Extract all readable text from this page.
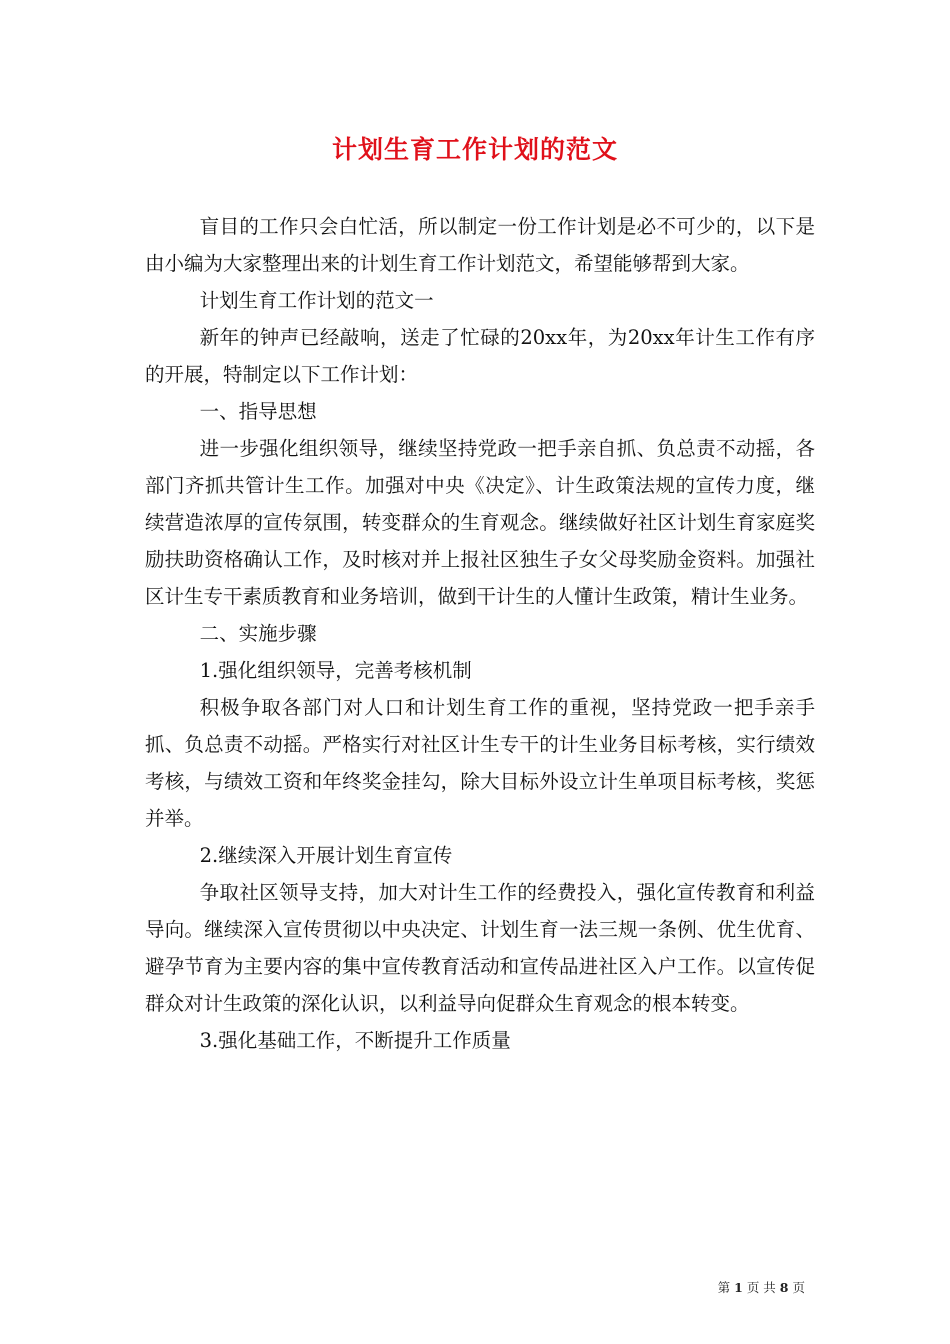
计划生育工作计划的范文

盲目的工作只会白忙活，所以制定一份工作计划是必不可少的，以下是由小编为大家整理出来的计划生育工作计划范文，希望能够帮到大家。

计划生育工作计划的范文一

新年的钟声已经敲响，送走了忙碌的20xx年，为20xx年计生工作有序的开展，特制定以下工作计划：

一、指导思想

进一步强化组织领导，继续坚持党政一把手亲自抓、负总责不动摇，各部门齐抓共管计生工作。加强对中央《决定》、计生政策法规的宣传力度，继续营造浓厚的宣传氛围，转变群众的生育观念。继续做好社区计划生育家庭奖励扶助资格确认工作，及时核对并上报社区独生子女父母奖励金资料。加强社区计生专干素质教育和业务培训，做到干计生的人懂计生政策，精计生业务。

二、实施步骤

1.强化组织领导，完善考核机制

积极争取各部门对人口和计划生育工作的重视，坚持党政一把手亲手抓、负总责不动摇。严格实行对社区计生专干的计生业务目标考核，实行绩效考核，与绩效工资和年终奖金挂勾，除大目标外设立计生单项目标考核，奖惩并举。

2.继续深入开展计划生育宣传

争取社区领导支持，加大对计生工作的经费投入，强化宣传教育和利益导向。继续深入宣传贯彻以中央决定、计划生育一法三规一条例、优生优育、避孕节育为主要内容的集中宣传教育活动和宣传品进社区入户工作。以宣传促群众对计生政策的深化认识，以利益导向促群众生育观念的根本转变。

3.强化基础工作，不断提升工作质量

第 1 页 共 8 页
